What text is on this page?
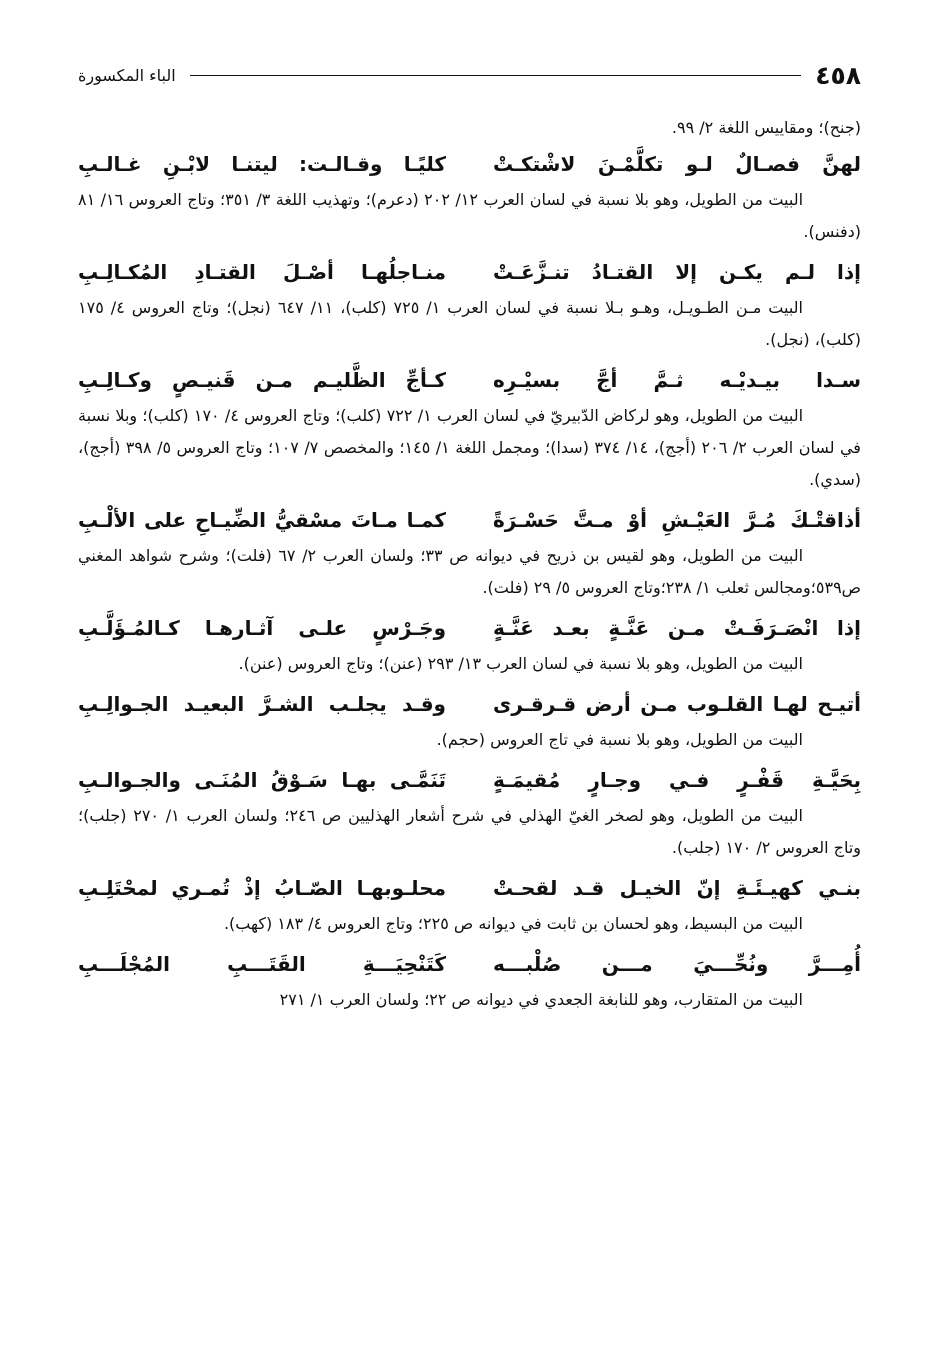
٤٥٨
الباء المكسورة

(جنح)؛ ومقاييس اللغة ٢/ ٩٩.

لهنَّ فصـالٌ لـو تكلَّمْـنَ لاشْتكـتْ
كليًـا وقـالـت: ليتنـا لابْـنِ غـالـبِ

البيت من الطويل، وهو بلا نسبة في لسان العرب ١٢/ ٢٠٢ (دعرم)؛ وتهذيب اللغة ٣/ ٣٥١؛ وتاج العروس ١٦/ ٨١ (دفنس).

إذا لـم يكـن إلا القتـادُ تنـزَّعَـتْ
منـاجلُهـا أصْـلَ القتـادِ المُكـالِـبِ

البيت مـن الطـويـل، وهـو بـلا نسبة في لسان العرب ١/ ٧٢٥ (كلب)، ١١/ ٦٤٧ (نجل)؛ وتاج العروس ٤/ ١٧٥ (كلب)، (نجل).

سـدا بيـديْـه ثـمَّ أجَّ بسيْـرِه
كـأجِّ الظَّليـم مـن قَنيـصٍ وكـالِـبِ

البيت من الطويل، وهو لركاض الدّبيريّ في لسان العرب ١/ ٧٢٢ (كلب)؛ وتاج العروس ٤/ ١٧٠ (كلب)؛ وبلا نسبة في لسان العرب ٢/ ٢٠٦ (أجج)، ١٤/ ٣٧٤ (سدا)؛ ومجمل اللغة ١/ ١٤٥؛ والمخصص ٧/ ١٠٧؛ وتاج العروس ٥/ ٣٩٨ (أجج)، (سدي).

أذاقتْـكَ مُـرَّ العَيْـشِ أوْ مـتَّ حَسْـرَةً
كمـا مـاتَ مسْقيُّ الضِّيـاحِ على الألْـبِ

البيت من الطويل، وهو لقيس بن ذريح في ديوانه ص ٣٣؛ ولسان العرب ٢/ ٦٧ (فلت)؛ وشرح شواهد المغني ص٥٣٩؛ومجالس ثعلب ١/ ٢٣٨؛وتاج العروس ٥/ ٢٩ (فلت).

إذا انْصَـرَفَـتْ مـن عَنَّـةٍ بعـد عَنَّـةٍ
وجَـرْسٍ علـى آثـارهـا كـالمُـؤَلَّـبِ

البيت من الطويل، وهو بلا نسبة في لسان العرب ١٣/ ٢٩٣ (عنن)؛ وتاج العروس (عنن).

أتيـح لهـا القلـوب مـن أرض قـرقـرى
وقـد يجلـب الشـرَّ البعيـد الجـوالِـبِ

البيت من الطويل، وهو بلا نسبة في تاج العروس (حجم).

بِحَيَّـةِ قَفْـرٍ فـي وجـارٍ مُقيمَـةٍ
تَنَمَّـى بهـا سَـوْقُ المُنَـى والجـوالـبِ

البيت من الطويل، وهو لصخر الغيّ الهذلي في شرح أشعار الهذليين ص ٢٤٦؛ ولسان العرب ١/ ٢٧٠ (جلب)؛ وتاج العروس ٢/ ١٧٠ (جلب).

بنـي كهيـئَـةِ إنّ الخيـل قـد لقحـتْ
محلـوبهـا الصّـابُ إذْ تُمـري لمحْتَلِـبِ

البيت من البسيط، وهو لحسان بن ثابت في ديوانه ص ٢٢٥؛ وتاج العروس ٤/ ١٨٣ (كهب).

أُمِـــرَّ ونُحِّـــيَ مـــن صُلْبـــه
كَتَنْحِيَـــةِ القَتَـــبِ المُجْلَـــبِ

البيت من المتقارب، وهو للنابغة الجعدي في ديوانه ص ٢٢؛ ولسان العرب ١/ ٢٧١
